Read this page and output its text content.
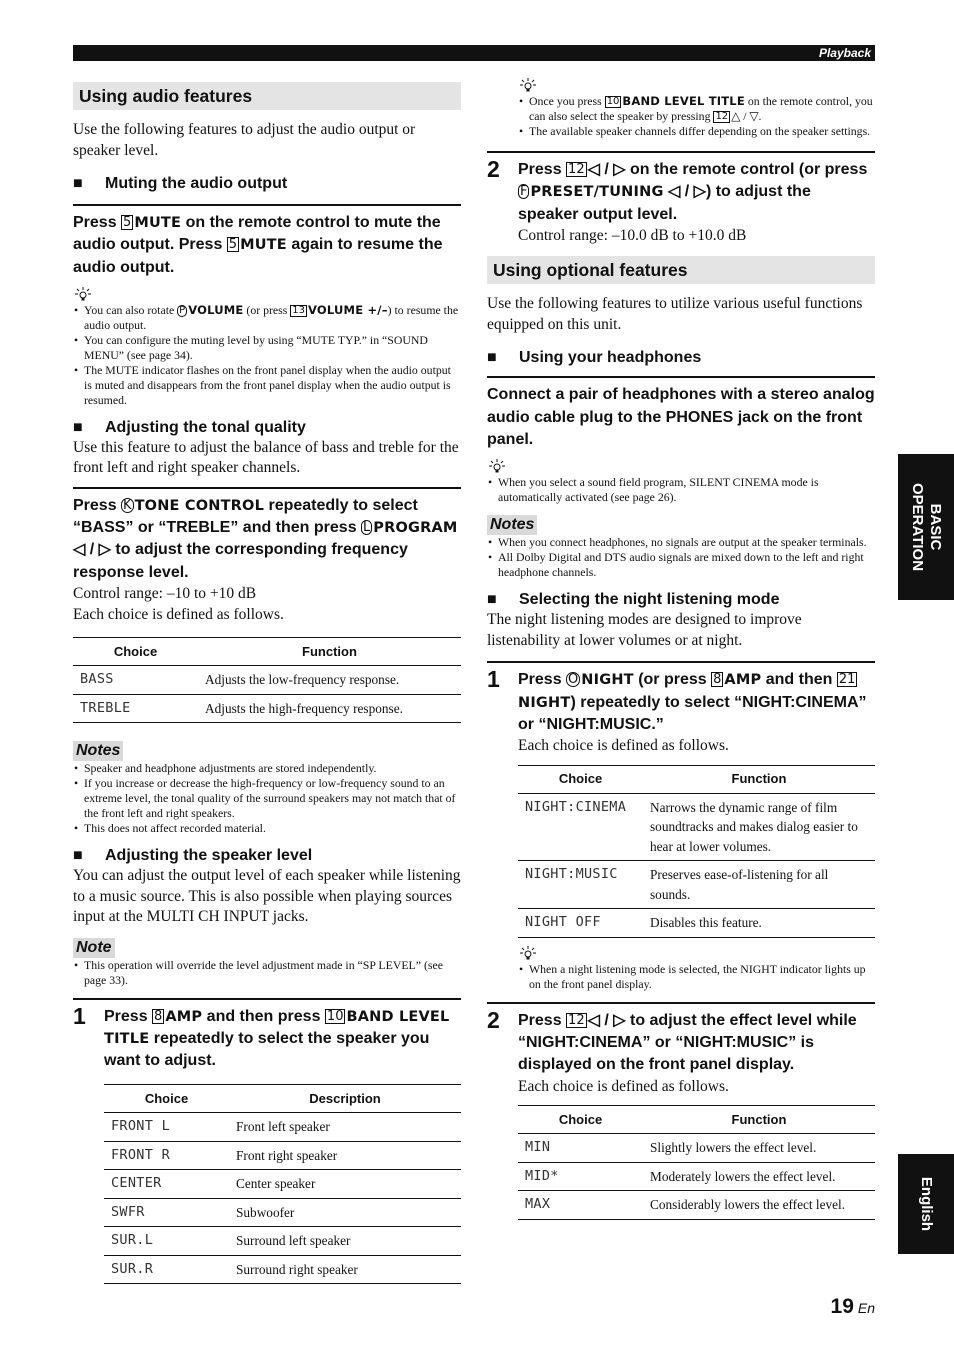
Playback
Using audio features
Use the following features to adjust the audio output or speaker level.
■ Muting the audio output
Press 5 MUTE on the remote control to mute the audio output. Press 5 MUTE again to resume the audio output.
• You can also rotate P VOLUME (or press 13 VOLUME +/–) to resume the audio output.
• You can configure the muting level by using “MUTE TYP.” in “SOUND MENU” (see page 34).
• The MUTE indicator flashes on the front panel display when the audio output is muted and disappears from the front panel display when the audio output is resumed.
■ Adjusting the tonal quality
Use this feature to adjust the balance of bass and treble for the front left and right speaker channels.
Press K TONE CONTROL repeatedly to select “BASS” or “TREBLE” and then press L PROGRAM ◁ / ▷ to adjust the corresponding frequency response level.
Control range: –10 to +10 dB
Each choice is defined as follows.
Choice	Function
BASS	Adjusts the low-frequency response.
TREBLE	Adjusts the high-frequency response.
Notes
• Speaker and headphone adjustments are stored independently.
• If you increase or decrease the high-frequency or low-frequency sound to an extreme level, the tonal quality of the surround speakers may not match that of the front left and right speakers.
• This does not affect recorded material.
■ Adjusting the speaker level
You can adjust the output level of each speaker while listening to a music source. This is also possible when playing sources input at the MULTI CH INPUT jacks.
Note
• This operation will override the level adjustment made in “SP LEVEL” (see page 33).
1	Press 8 AMP and then press 10 BAND LEVEL TITLE repeatedly to select the speaker you want to adjust.
Choice	Description
FRONT L	Front left speaker
FRONT R	Front right speaker
CENTER	Center speaker
SWFR	Subwoofer
SUR.L	Surround left speaker
SUR.R	Surround right speaker
• Once you press 10 BAND LEVEL TITLE on the remote control, you can also select the speaker by pressing 12 △ / ▽.
• The available speaker channels differ depending on the speaker settings.
2	Press 12 ◁ / ▷ on the remote control (or press F PRESET/TUNING ◁ / ▷) to adjust the speaker output level.
Control range: –10.0 dB to +10.0 dB
Using optional features
Use the following features to utilize various useful functions equipped on this unit.
■ Using your headphones
Connect a pair of headphones with a stereo analog audio cable plug to the PHONES jack on the front panel.
• When you select a sound field program, SILENT CINEMA mode is automatically activated (see page 26).
Notes
• When you connect headphones, no signals are output at the speaker terminals.
• All Dolby Digital and DTS audio signals are mixed down to the left and right headphone channels.
■ Selecting the night listening mode
The night listening modes are designed to improve listenability at lower volumes or at night.
1	Press O NIGHT (or press 8 AMP and then 21NIGHT) repeatedly to select “NIGHT:CINEMA” or “NIGHT:MUSIC.”
Each choice is defined as follows.
Choice	Function
NIGHT:CINEMA	Narrows the dynamic range of film soundtracks and makes dialog easier to hear at lower volumes.
NIGHT:MUSIC	Preserves ease-of-listening for all sounds.
NIGHT OFF	Disables this feature.
• When a night listening mode is selected, the NIGHT indicator lights up on the front panel display.
2	Press 12 ◁ / ▷ to adjust the effect level while “NIGHT:CINEMA” or “NIGHT:MUSIC” is displayed on the front panel display.
Each choice is defined as follows.
Choice	Function
MIN	Slightly lowers the effect level.
MID*	Moderately lowers the effect level.
MAX	Considerably lowers the effect level.
BASIC
OPERATION
English
19 En
